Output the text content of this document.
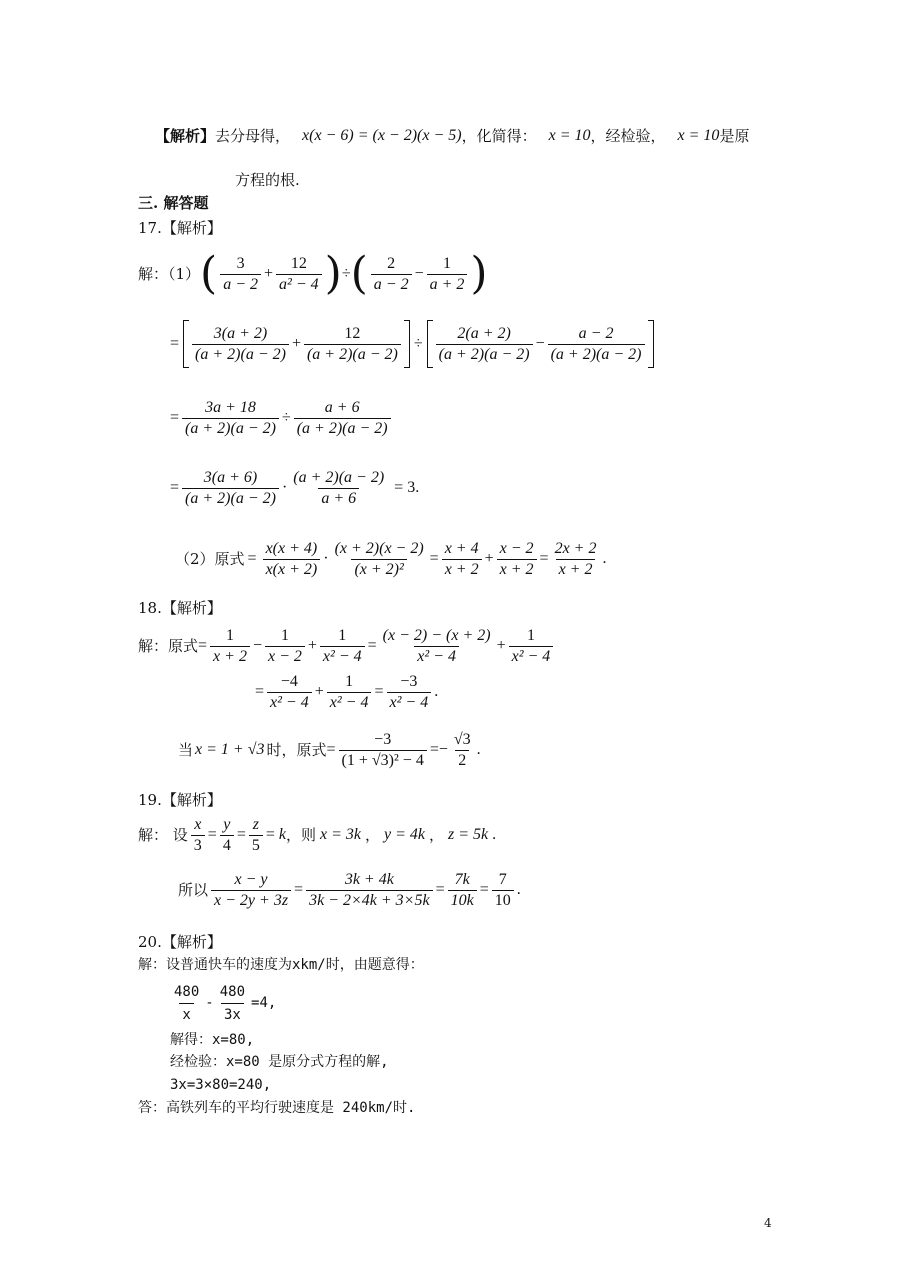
【解析】 去分母得， x(x − 6) = (x − 2)(x − 5) ，化简得： x = 10 ，经检验， x = 10 是原
方程的根.
三. 解答题
17.【解析】
解：（1） ( $\frac{3}{a - 2} + \frac{12}{\text{a² − 4}}$ ) ÷ ( $\frac{2}{a - 2} - \frac{1}{a + 2}$ )
= $\frac{3(a + 2)}{(a + 2)(a - 2)} + \frac{12}{(a + 2)(a - 2)} \div \frac{2(a + 2)}{(a + 2)(a - 2)} - \frac{a - 2}{(a + 2)(a - 2)}$
= $\frac{3a + 18}{(a + 2)(a - 2)} \div \frac{a + 6}{(a + 2)(a - 2)}$
= $\frac{3(a + 6)}{(a + 2)(a - 2)} \cdot \frac{(a + 2)(a - 2)}{a + 6} = 3$ .
（2）原式 = $\frac{x(x + 4)}{x(x + 2)} \cdot \frac{(x + 2)(x - 2)}{\text{(x + 2)²}} = \frac{x + 4}{x + 2} + \frac{x - 2}{x + 2} = \frac{2x + 2}{x + 2}$ .
18.【解析】
解：原式 = $\frac{1}{x + 2} - \frac{1}{x - 2} + \frac{1}{\text{x² − 4}} = \frac{(x - 2) - (x + 2)}{\text{x² − 4}} + \frac{1}{\text{x² − 4}}$
= $\frac{-4}{\text{x² − 4}} + \frac{1}{\text{x² − 4}} = \frac{-3}{\text{x² − 4}}$ .
当 x = 1 + √3 时，原式 = $\frac{-3}{\text{(1 + √3)² − 4}}$ = − $\frac{√3}{2}$ .
19.【解析】
解： 设 $\frac{x}{3} = \frac{y}{4} = \frac{z}{5} = k$ ，则 x = 3k ， y = 4k ， z = 5k .
所以 $\frac{x - y}{x - 2y + 3z} = \frac{3k + 4k}{3k - 2\times 4k + 3\times 5k} = \frac{7k}{10k} = \frac{7}{10}$ .
20.【解析】
解：设普通快车的速度为xkm/时，由题意得：
$\frac{480}{x} - \frac{480}{3x} =4$,
解得：x=80,
经检验：x=80 是原分式方程的解,
3x=3×80=240,
答：高铁列车的平均行驶速度是 240km/时.
4
